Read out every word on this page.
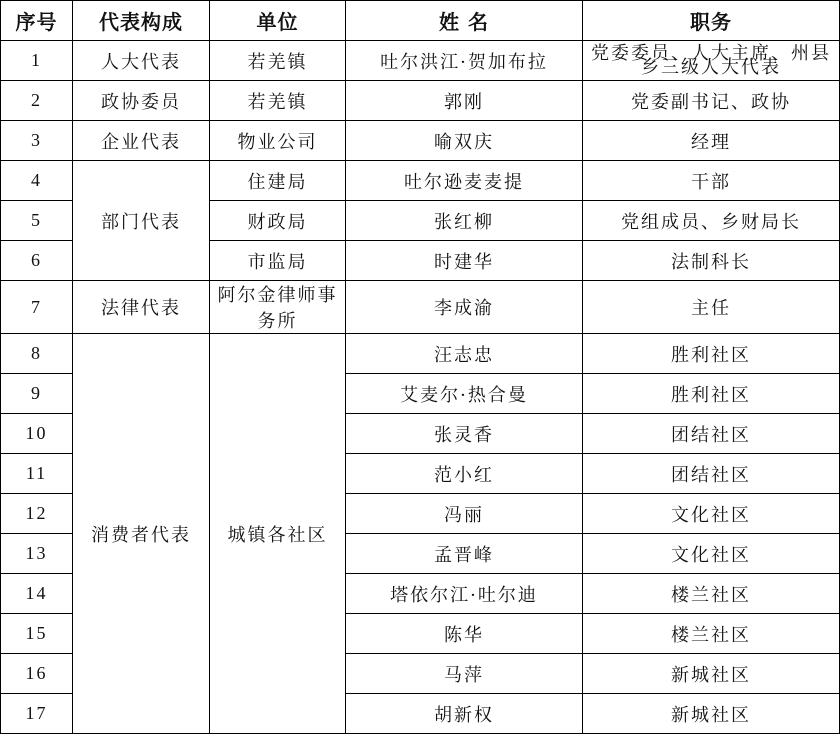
序号	代表构成	单位	姓 名	职务
1	人大代表	若羌镇	吐尔洪江·贺加布拉	党委委员、人大主席、州县乡三级人大代表
2	政协委员	若羌镇	郭刚	党委副书记、政协
3	企业代表	物业公司	喻双庆	经理
4	部门代表	住建局	吐尔逊麦麦提	干部
5		财政局	张红柳	党组成员、乡财局长
6		市监局	时建华	法制科长
7	法律代表	阿尔金律师事务所	李成渝	主任
8	消费者代表	城镇各社区	汪志忠	胜利社区
9			艾麦尔·热合曼	胜利社区
10			张灵香	团结社区
11			范小红	团结社区
12			冯丽	文化社区
13			孟晋峰	文化社区
14			塔依尔江·吐尔迪	楼兰社区
15			陈华	楼兰社区
16			马萍	新城社区
17			胡新权	新城社区
